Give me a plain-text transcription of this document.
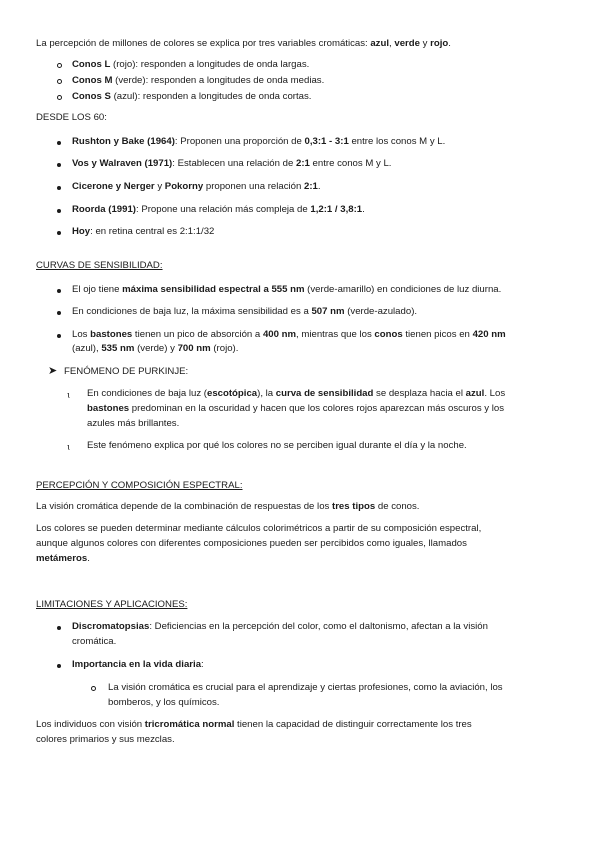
La percepción de millones de colores se explica por tres variables cromáticas: azul, verde y rojo.

Conos L (rojo): responden a longitudes de onda largas.

Conos M (verde): responden a longitudes de onda medias.

Conos S (azul): responden a longitudes de onda cortas.

DESDE LOS 60:

Rushton y Bake (1964): Proponen una proporción de 0,3:1 - 3:1 entre los conos M y L.

Vos y Walraven (1971): Establecen una relación de 2:1 entre conos M y L.

Cicerone y Nerger y Pokorny proponen una relación 2:1.

Roorda (1991): Propone una relación más compleja de 1,2:1 / 3,8:1.

Hoy: en retina central es 2:1:1/32

CURVAS DE SENSIBILIDAD:

El ojo tiene máxima sensibilidad espectral a 555 nm (verde-amarillo) en condiciones de luz diurna.

En condiciones de baja luz, la máxima sensibilidad es a 507 nm (verde-azulado).

Los bastones tienen un pico de absorción a 400 nm, mientras que los conos tienen picos en 420 nm

(azul), 535 nm (verde) y 700 nm (rojo).

➤ FENÓMENO DE PURKINJE:

ɩ En condiciones de baja luz (escotópica), la curva de sensibilidad se desplaza hacia el azul. Los

bastones predominan en la oscuridad y hacen que los colores rojos aparezcan más oscuros y los

azules más brillantes.

ɩ Este fenómeno explica por qué los colores no se perciben igual durante el día y la noche.

PERCEPCIÓN Y COMPOSICIÓN ESPECTRAL:

La visión cromática depende de la combinación de respuestas de los tres tipos de conos.

Los colores se pueden determinar mediante cálculos colorimétricos a partir de su composición espectral,

aunque algunos colores con diferentes composiciones pueden ser percibidos como iguales, llamados

metámeros.

LIMITACIONES Y APLICACIONES:

Discromatopsias: Deficiencias en la percepción del color, como el daltonismo, afectan a la visión

cromática.

Importancia en la vida diaria:

La visión cromática es crucial para el aprendizaje y ciertas profesiones, como la aviación, los

bomberos, y los químicos.

Los individuos con visión tricromática normal tienen la capacidad de distinguir correctamente los tres

colores primarios y sus mezclas.
